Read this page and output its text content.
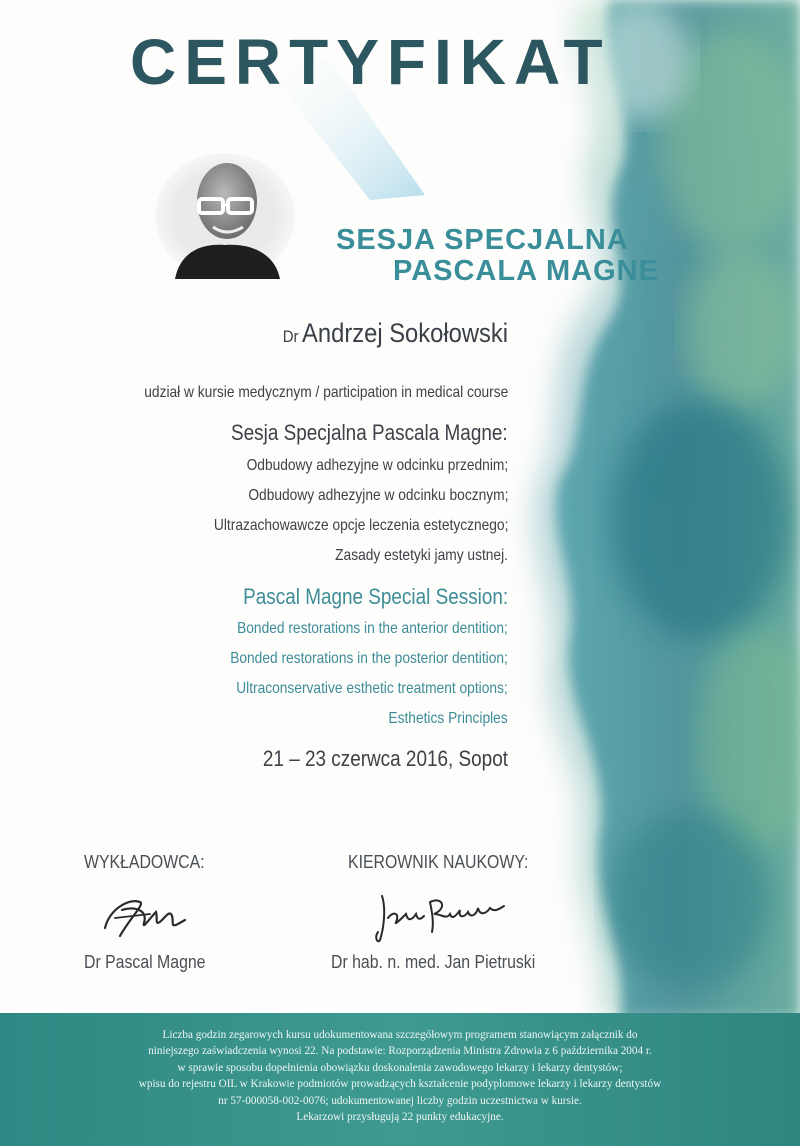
CERTYFIKAT
SESJA SPECJALNA
PASCALA MAGNE
Dr Andrzej Sokołowski
udział w kursie medycznym / participation in medical course
Sesja Specjalna Pascala Magne:
Odbudowy adhezyjne w odcinku przednim;
Odbudowy adhezyjne w odcinku bocznym;
Ultrazachowawcze opcje leczenia estetycznego;
Zasady estetyki jamy ustnej.
Pascal Magne Special Session:
Bonded restorations in the anterior dentition;
Bonded restorations in the posterior dentition;
Ultraconservative esthetic treatment options;
Esthetics Principles
21 – 23 czerwca 2016, Sopot
WYKŁADOWCA:	KIEROWNIK NAUKOWY:
Dr Pascal Magne	Dr hab. n. med. Jan Pietruski
Liczba godzin zegarowych kursu udokumentowana szczegółowym programem stanowiącym załącznik do
niniejszego zaświadczenia wynosi 22. Na podstawie: Rozporządzenia Ministra Zdrowia z 6 października 2004 r.
w sprawie sposobu dopełnienia obowiązku doskonalenia zawodowego lekarzy i lekarzy dentystów;
wpisu do rejestru OIL w Krakowie podmiotów prowadzących kształcenie podyplomowe lekarzy i lekarzy dentystów
nr 57-000058-002-0076; udokumentowanej liczby godzin uczestnictwa w kursie.
Lekarzowi przysługują 22 punkty edukacyjne.
